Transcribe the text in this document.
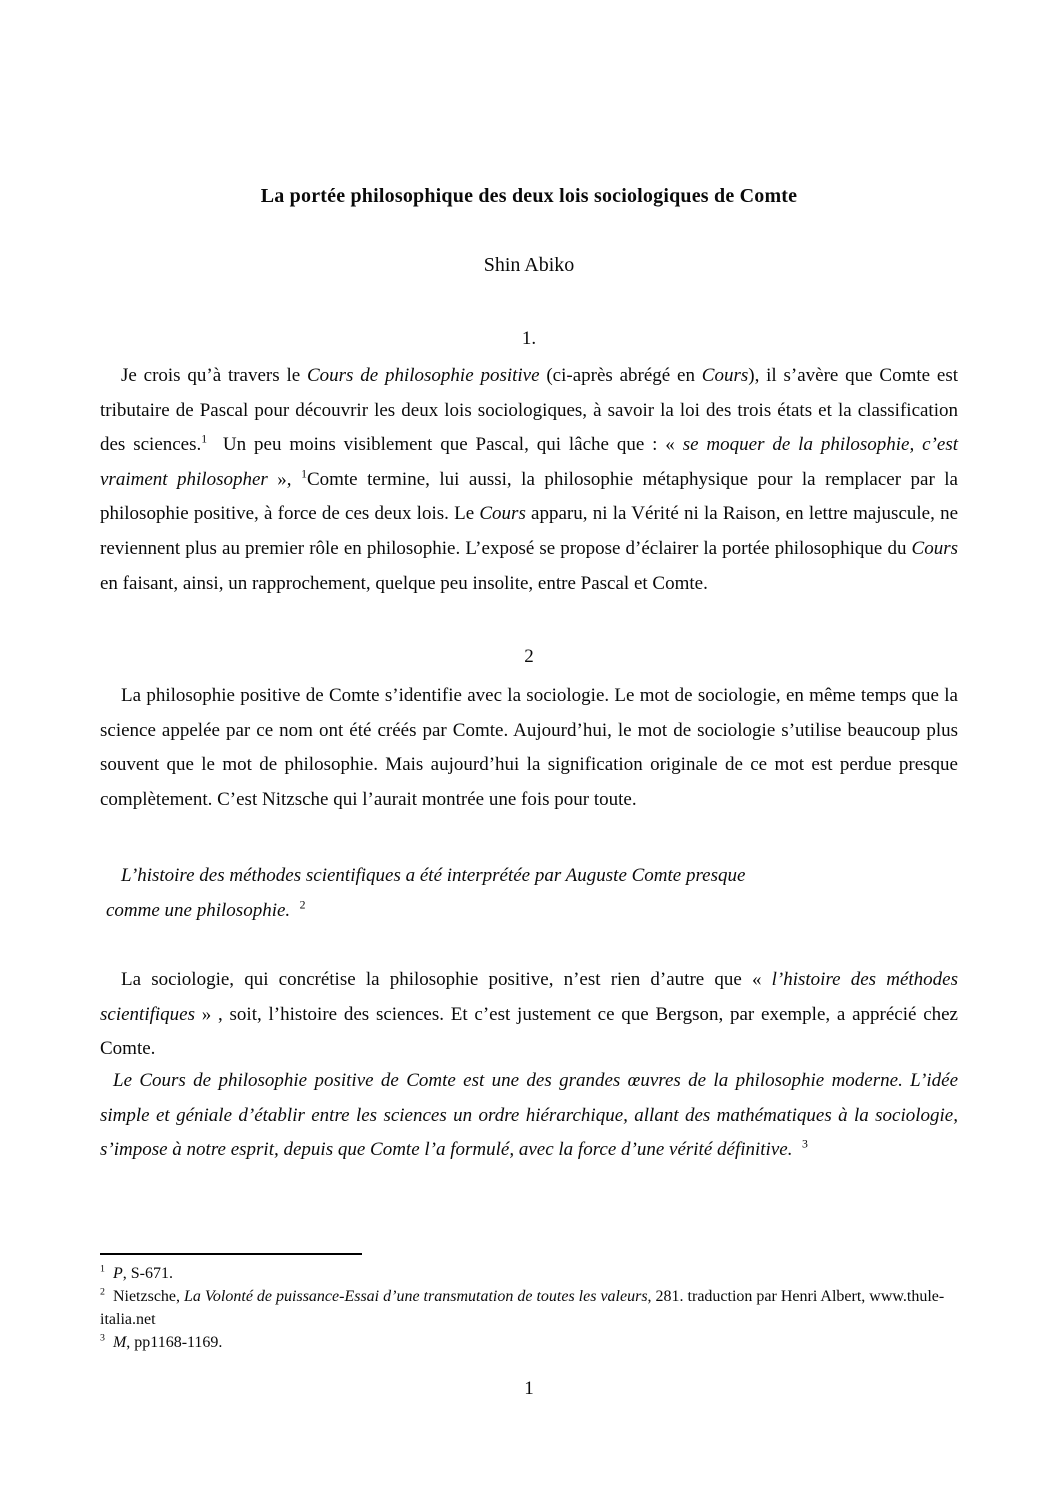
La portée philosophique des deux lois sociologiques de Comte
Shin Abiko
1.
Je crois qu’à travers le Cours de philosophie positive (ci-après abrégé en Cours), il s’avère que Comte est tributaire de Pascal pour découvrir les deux lois sociologiques, à savoir la loi des trois états et la classification des sciences.$^1$  Un peu moins visiblement que Pascal, qui lâche que : « se moquer de la philosophie, c’est vraiment philosopher », $^1$Comte termine, lui aussi, la philosophie métaphysique pour la remplacer par la philosophie positive, à force de ces deux lois. Le Cours apparu, ni la Vérité ni la Raison, en lettre majuscule, ne reviennent plus au premier rôle en philosophie. L’exposé se propose d’éclairer la portée philosophique du Cours en faisant, ainsi, un rapprochement, quelque peu insolite, entre Pascal et Comte.
2
La philosophie positive de Comte s’identifie avec la sociologie. Le mot de sociologie, en même temps que la science appelée par ce nom ont été créés par Comte. Aujourd’hui, le mot de sociologie s’utilise beaucoup plus souvent que le mot de philosophie. Mais aujourd’hui la signification originale de ce mot est perdue presque complètement. C’est Nitzsche qui l’aurait montrée une fois pour toute.
L’histoire des méthodes scientifiques a été interprétée par Auguste Comte presque
comme une philosophie.  $^2$
La sociologie, qui concrétise la philosophie positive, n’est rien d’autre que « l’histoire des méthodes scientifiques » , soit, l’histoire des sciences. Et c’est justement ce que Bergson, par exemple, a apprécié chez Comte.
Le Cours de philosophie positive de Comte est une des grandes œuvres de la philosophie moderne. L’idée simple et géniale d’établir entre les sciences un ordre hiérarchique, allant des mathématiques à la sociologie, s’impose à notre esprit, depuis que Comte l’a formulé, avec la force d’une vérité définitive.  $^3$
$^1$ P, S-671.
$^2$  Nietzsche, La Volonté de puissance-Essai d’une transmutation de toutes les valeurs, 281. traduction par Henri Albert, www.thule-italia.net
$^3$ M, pp1168-1169.
1
